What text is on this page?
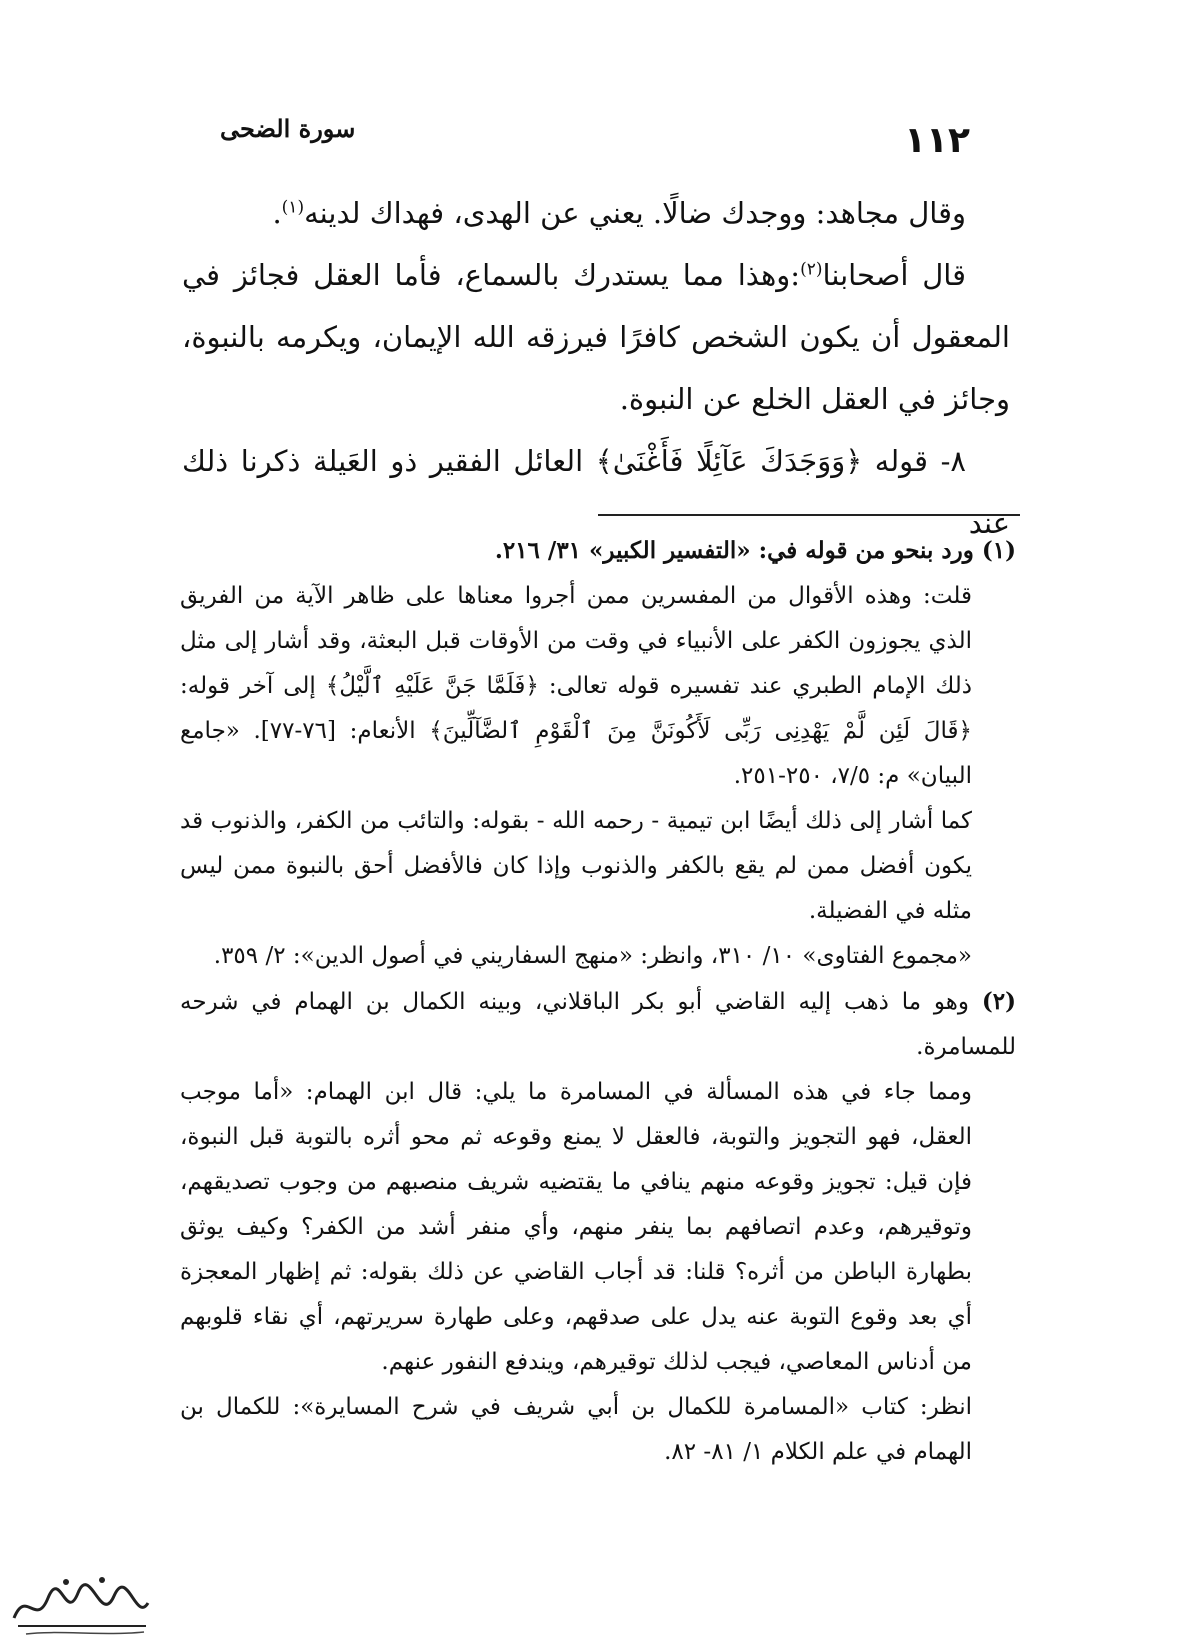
١١٢
سورة الضحى

وقال مجاهد: ووجدك ضالًا. يعني عن الهدى، فهداك لدينه$^{(١)}$.

قال أصحابنا$^{(٢)}$:وهذا مما يستدرك بالسماع، فأما العقل فجائز في المعقول أن يكون الشخص كافرًا فيرزقه الله الإيمان، ويكرمه بالنبوة، وجائز في العقل الخلع عن النبوة.

٨- قوله ﴿وَوَجَدَكَ عَآئِلًا فَأَغْنَىٰ﴾ العائل الفقير ذو العَيلة ذكرنا ذلك عند

(١) ورد بنحو من قوله في: «التفسير الكبير» ٣١/ ٢١٦.

قلت: وهذه الأقوال من المفسرين ممن أجروا معناها على ظاهر الآية من الفريق الذي يجوزون الكفر على الأنبياء في وقت من الأوقات قبل البعثة، وقد أشار إلى مثل ذلك الإمام الطبري عند تفسيره قوله تعالى: ﴿فَلَمَّا جَنَّ عَلَيْهِ ٱلَّيْلُ﴾ إلى آخر قوله: ﴿قَالَ لَئِن لَّمْ يَهْدِنِى رَبِّى لَأَكُونَنَّ مِنَ ٱلْقَوْمِ ٱلضَّآلِّينَ﴾ الأنعام: [٧٦-٧٧]. «جامع البيان» م: ٧/٥، ٢٥٠-٢٥١.

كما أشار إلى ذلك أيضًا ابن تيمية - رحمه الله - بقوله: والتائب من الكفر، والذنوب قد يكون أفضل ممن لم يقع بالكفر والذنوب وإذا كان فالأفضل أحق بالنبوة ممن ليس مثله في الفضيلة.

«مجموع الفتاوى» ١٠/ ٣١٠، وانظر: «منهج السفاريني في أصول الدين»: ٢/ ٣٥٩.

(٢) وهو ما ذهب إليه القاضي أبو بكر الباقلاني، وبينه الكمال بن الهمام في شرحه للمسامرة.

ومما جاء في هذه المسألة في المسامرة ما يلي: قال ابن الهمام: «أما موجب العقل، فهو التجويز والتوبة، فالعقل لا يمنع وقوعه ثم محو أثره بالتوبة قبل النبوة، فإن قيل: تجويز وقوعه منهم ينافي ما يقتضيه شريف منصبهم من وجوب تصديقهم، وتوقيرهم، وعدم اتصافهم بما ينفر منهم، وأي منفر أشد من الكفر؟ وكيف يوثق بطهارة الباطن من أثره؟ قلنا: قد أجاب القاضي عن ذلك بقوله: ثم إظهار المعجزة أي بعد وقوع التوبة عنه يدل على صدقهم، وعلى طهارة سريرتهم، أي نقاء قلوبهم من أدناس المعاصي، فيجب لذلك توقيرهم، ويندفع النفور عنهم.

انظر: كتاب «المسامرة للكمال بن أبي شريف في شرح المسايرة»: للكمال بن الهمام في علم الكلام ١/ ٨١- ٨٢.
